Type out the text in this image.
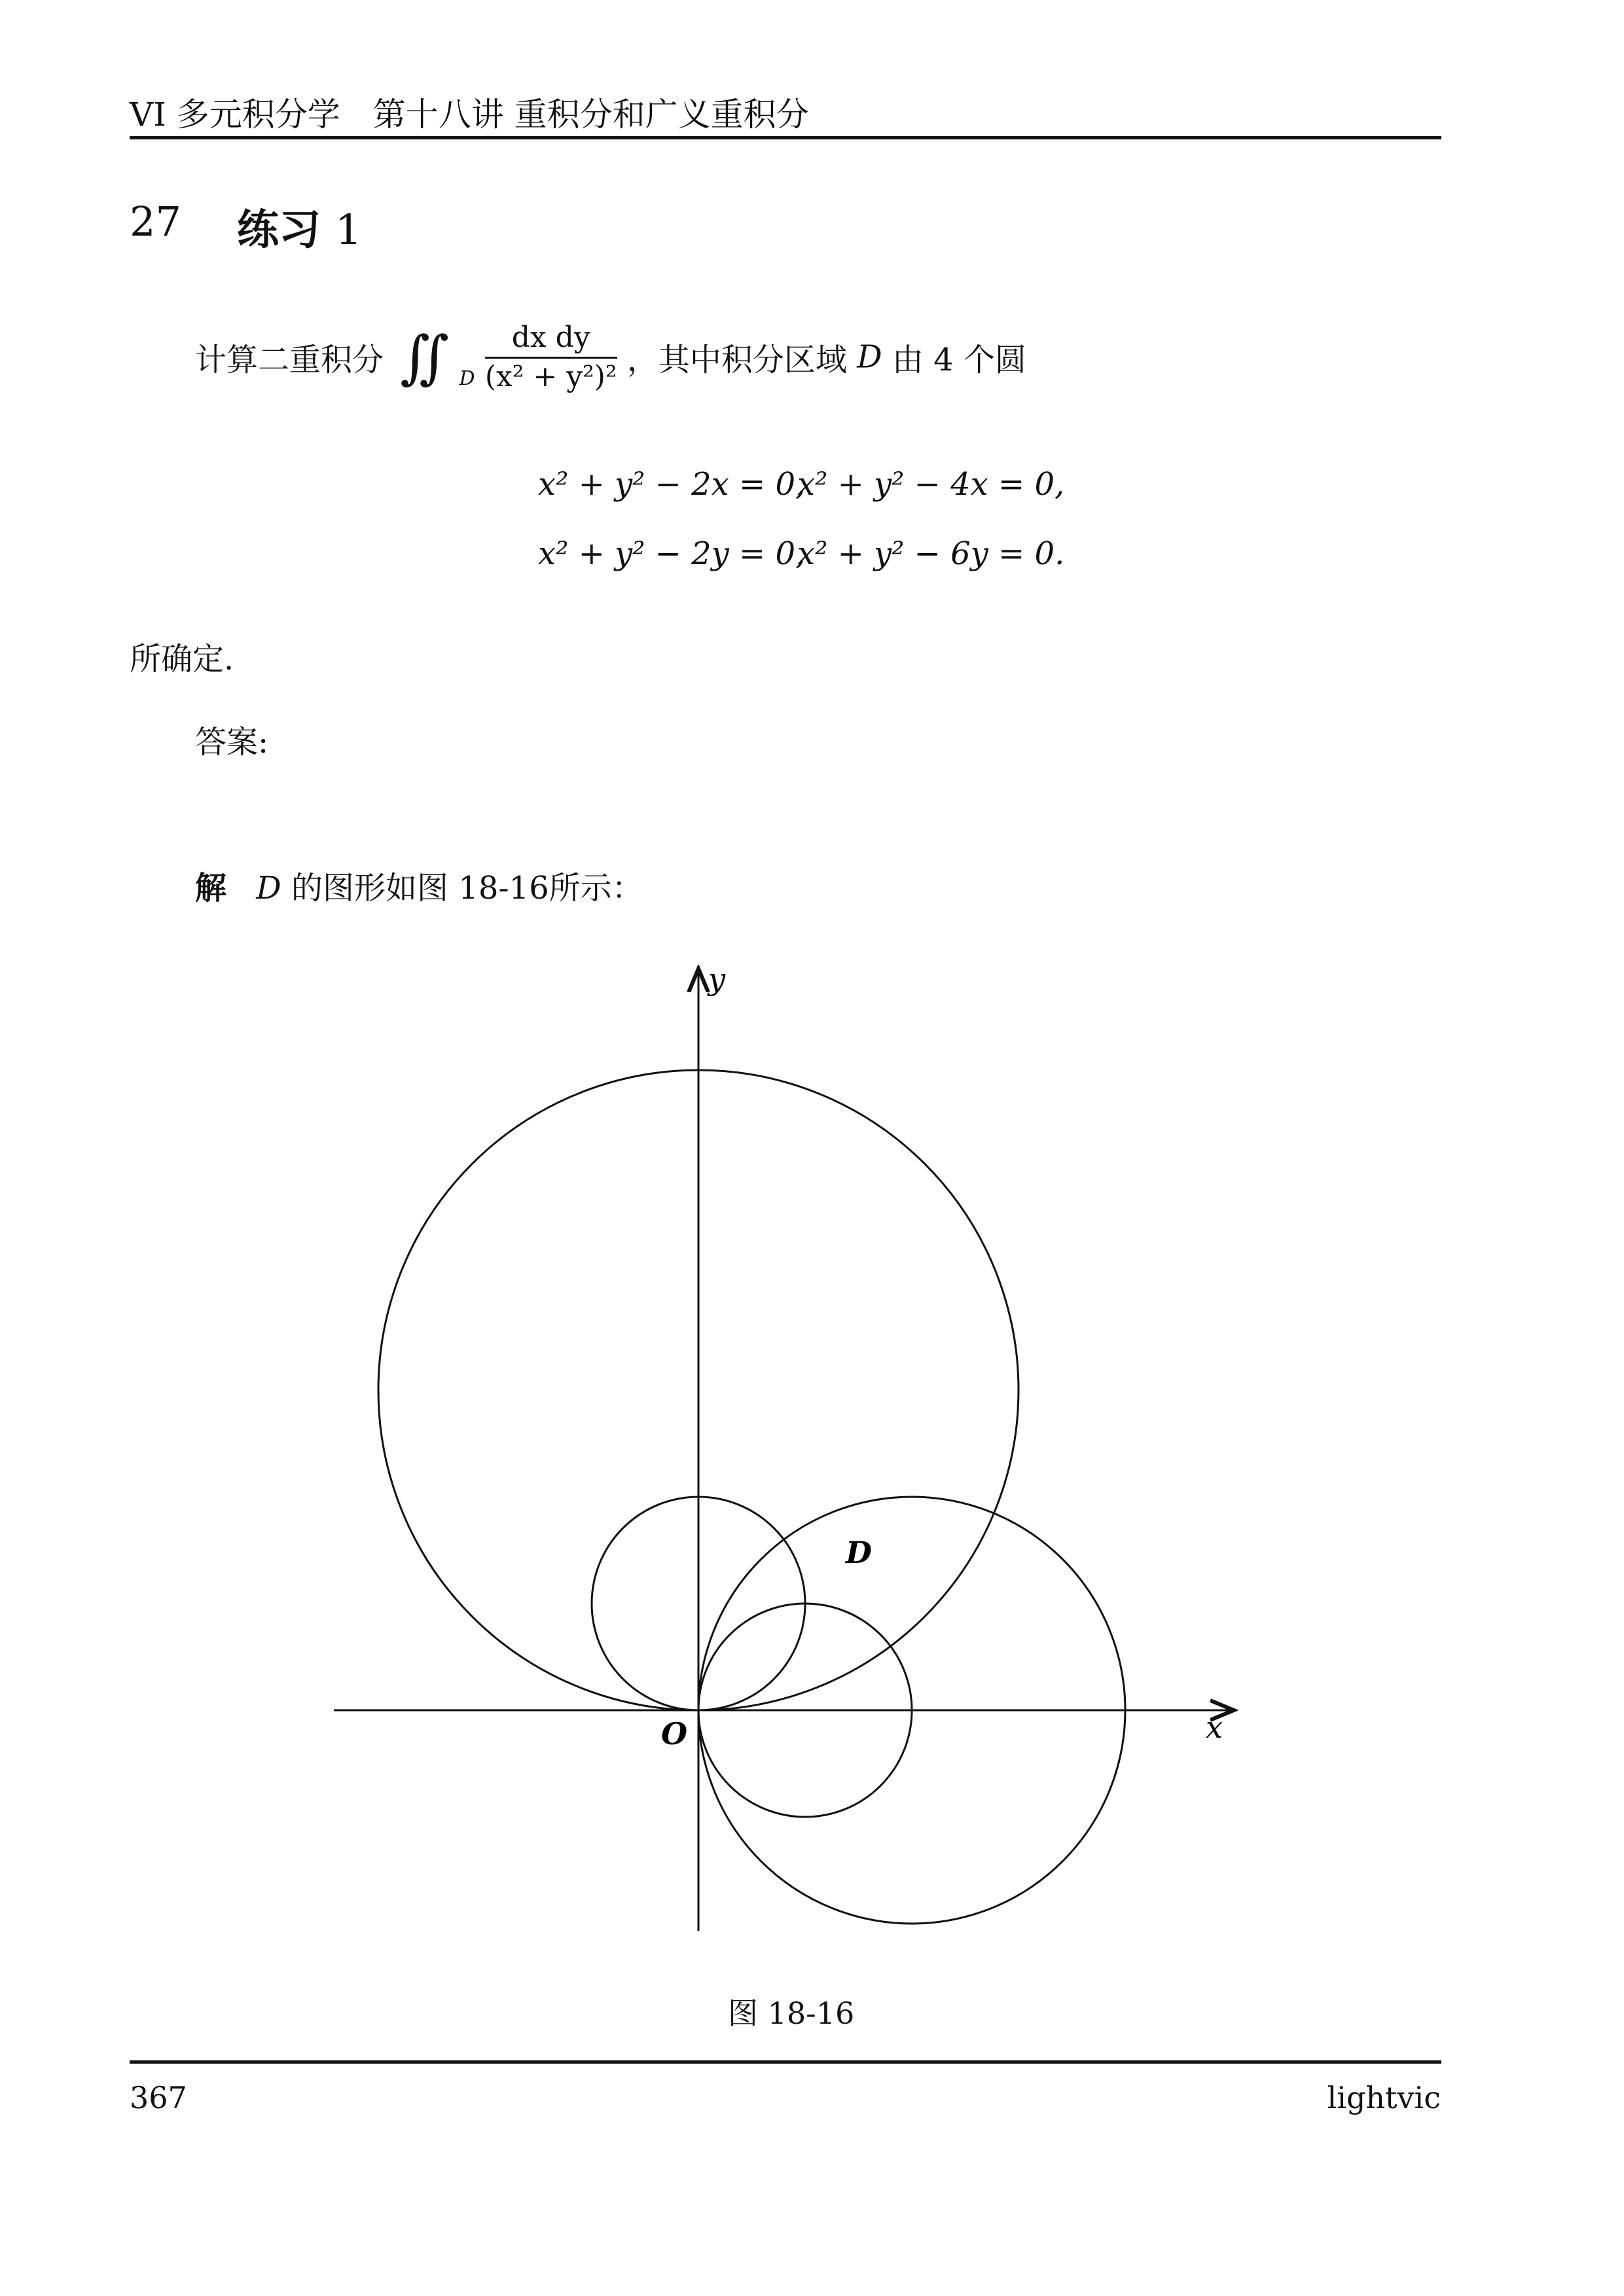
VI 多元积分学　第十八讲 重积分和广义重积分
27 练习 1
计算二重积分 ∬ $_D \frac{\text{dx dy}}{\text{(x² + y²)²}}$ ，其中积分区域 D 由 4 个圆
x² + y² − 2x = 0,
x² + y² − 4x = 0,
x² + y² − 2y = 0,
x² + y² − 6y = 0.
所确定.
答案:
解 D 的图形如图 18-16所示：
y
x
O
D
图 18-16
367	lightvic
